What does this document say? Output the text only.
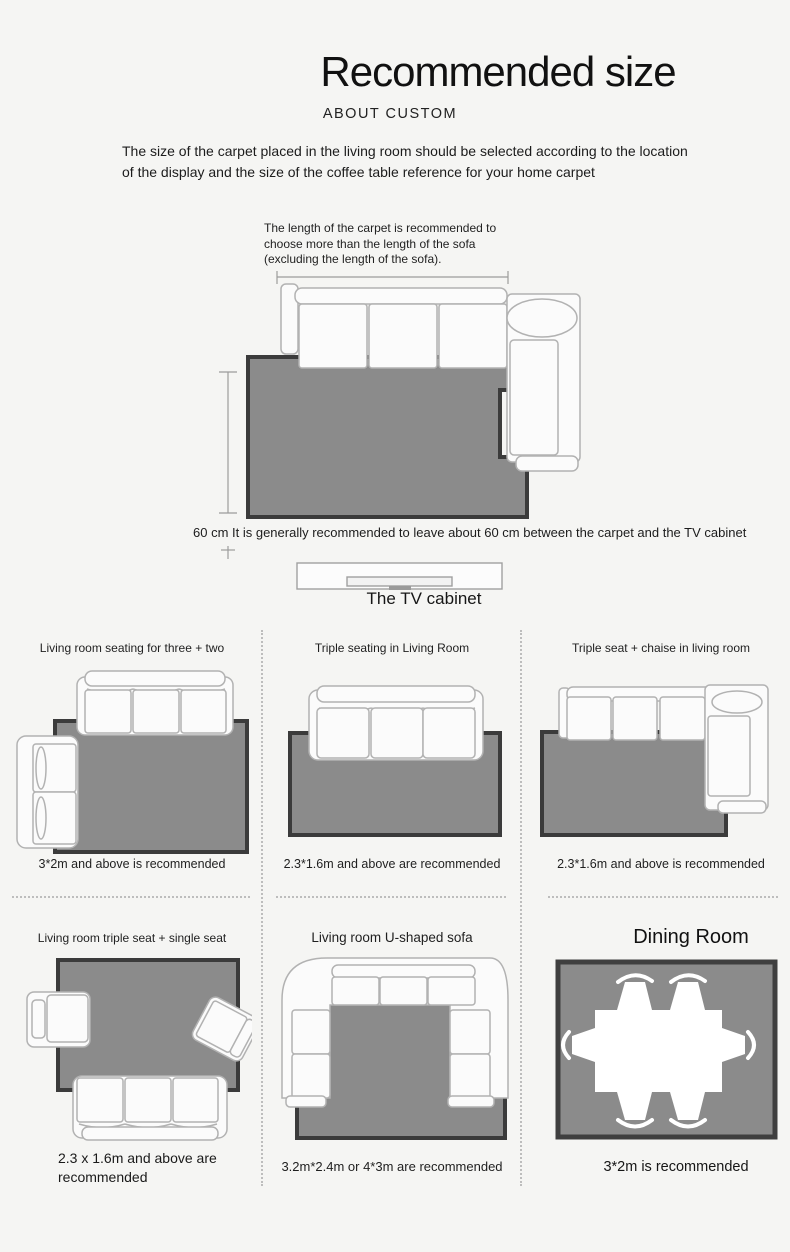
Recommended size
ABOUT CUSTOM
The size of the carpet placed in the living room should be selected according to the location of the display and the size of the coffee table reference for your home carpet
The length of the carpet is recommended to choose more than the length of the sofa (excluding the length of the sofa).
60 cm It is generally recommended to leave about 60 cm between the carpet and the TV cabinet
The TV cabinet
Living room seating for three + two
3*2m and above is recommended
Triple seating in Living Room
2.3*1.6m and above are recommended
Triple seat + chaise in living room
2.3*1.6m and above is recommended
Living room triple seat + single seat
2.3 x 1.6m and above are recommended
Living room U-shaped sofa
3.2m*2.4m or 4*3m are recommended
Dining Room
3*2m is recommended
